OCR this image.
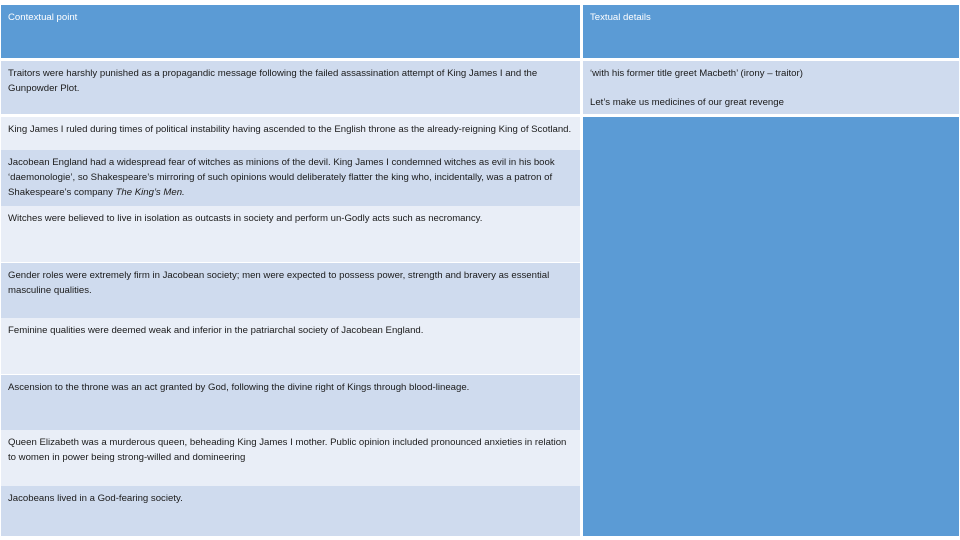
Contextual point	Textual details
Traitors were harshly punished as a propagandic message following the failed assassination attempt of King James I and the Gunpowder Plot.

‘with his former title greet Macbeth’ (irony – traitor)

Let’s make us medicines of our great revenge

King James I ruled during times of political instability having ascended to the English throne as the already-reigning King of Scotland.
Jacobean England had a widespread fear of witches as minions of the devil. King James I condemned witches as evil in his book ‘daemonologie’, so Shakespeare’s mirroring of such opinions would deliberately flatter the king who, incidentally, was a patron of Shakespeare’s company The King’s Men.
Witches were believed to live in isolation as outcasts in society and perform un-Godly acts such as necromancy.
Gender roles were extremely firm in Jacobean society; men were expected to possess power, strength and bravery as essential masculine qualities.
Feminine qualities were deemed weak and inferior in the patriarchal society of Jacobean England.
Ascension to the throne was an act granted by God, following the divine right of Kings through blood-lineage.
Queen Elizabeth was a murderous queen, beheading King James I mother. Public opinion included pronounced anxieties in relation to women in power being strong-willed and domineering
Jacobeans lived in a God-fearing society.
